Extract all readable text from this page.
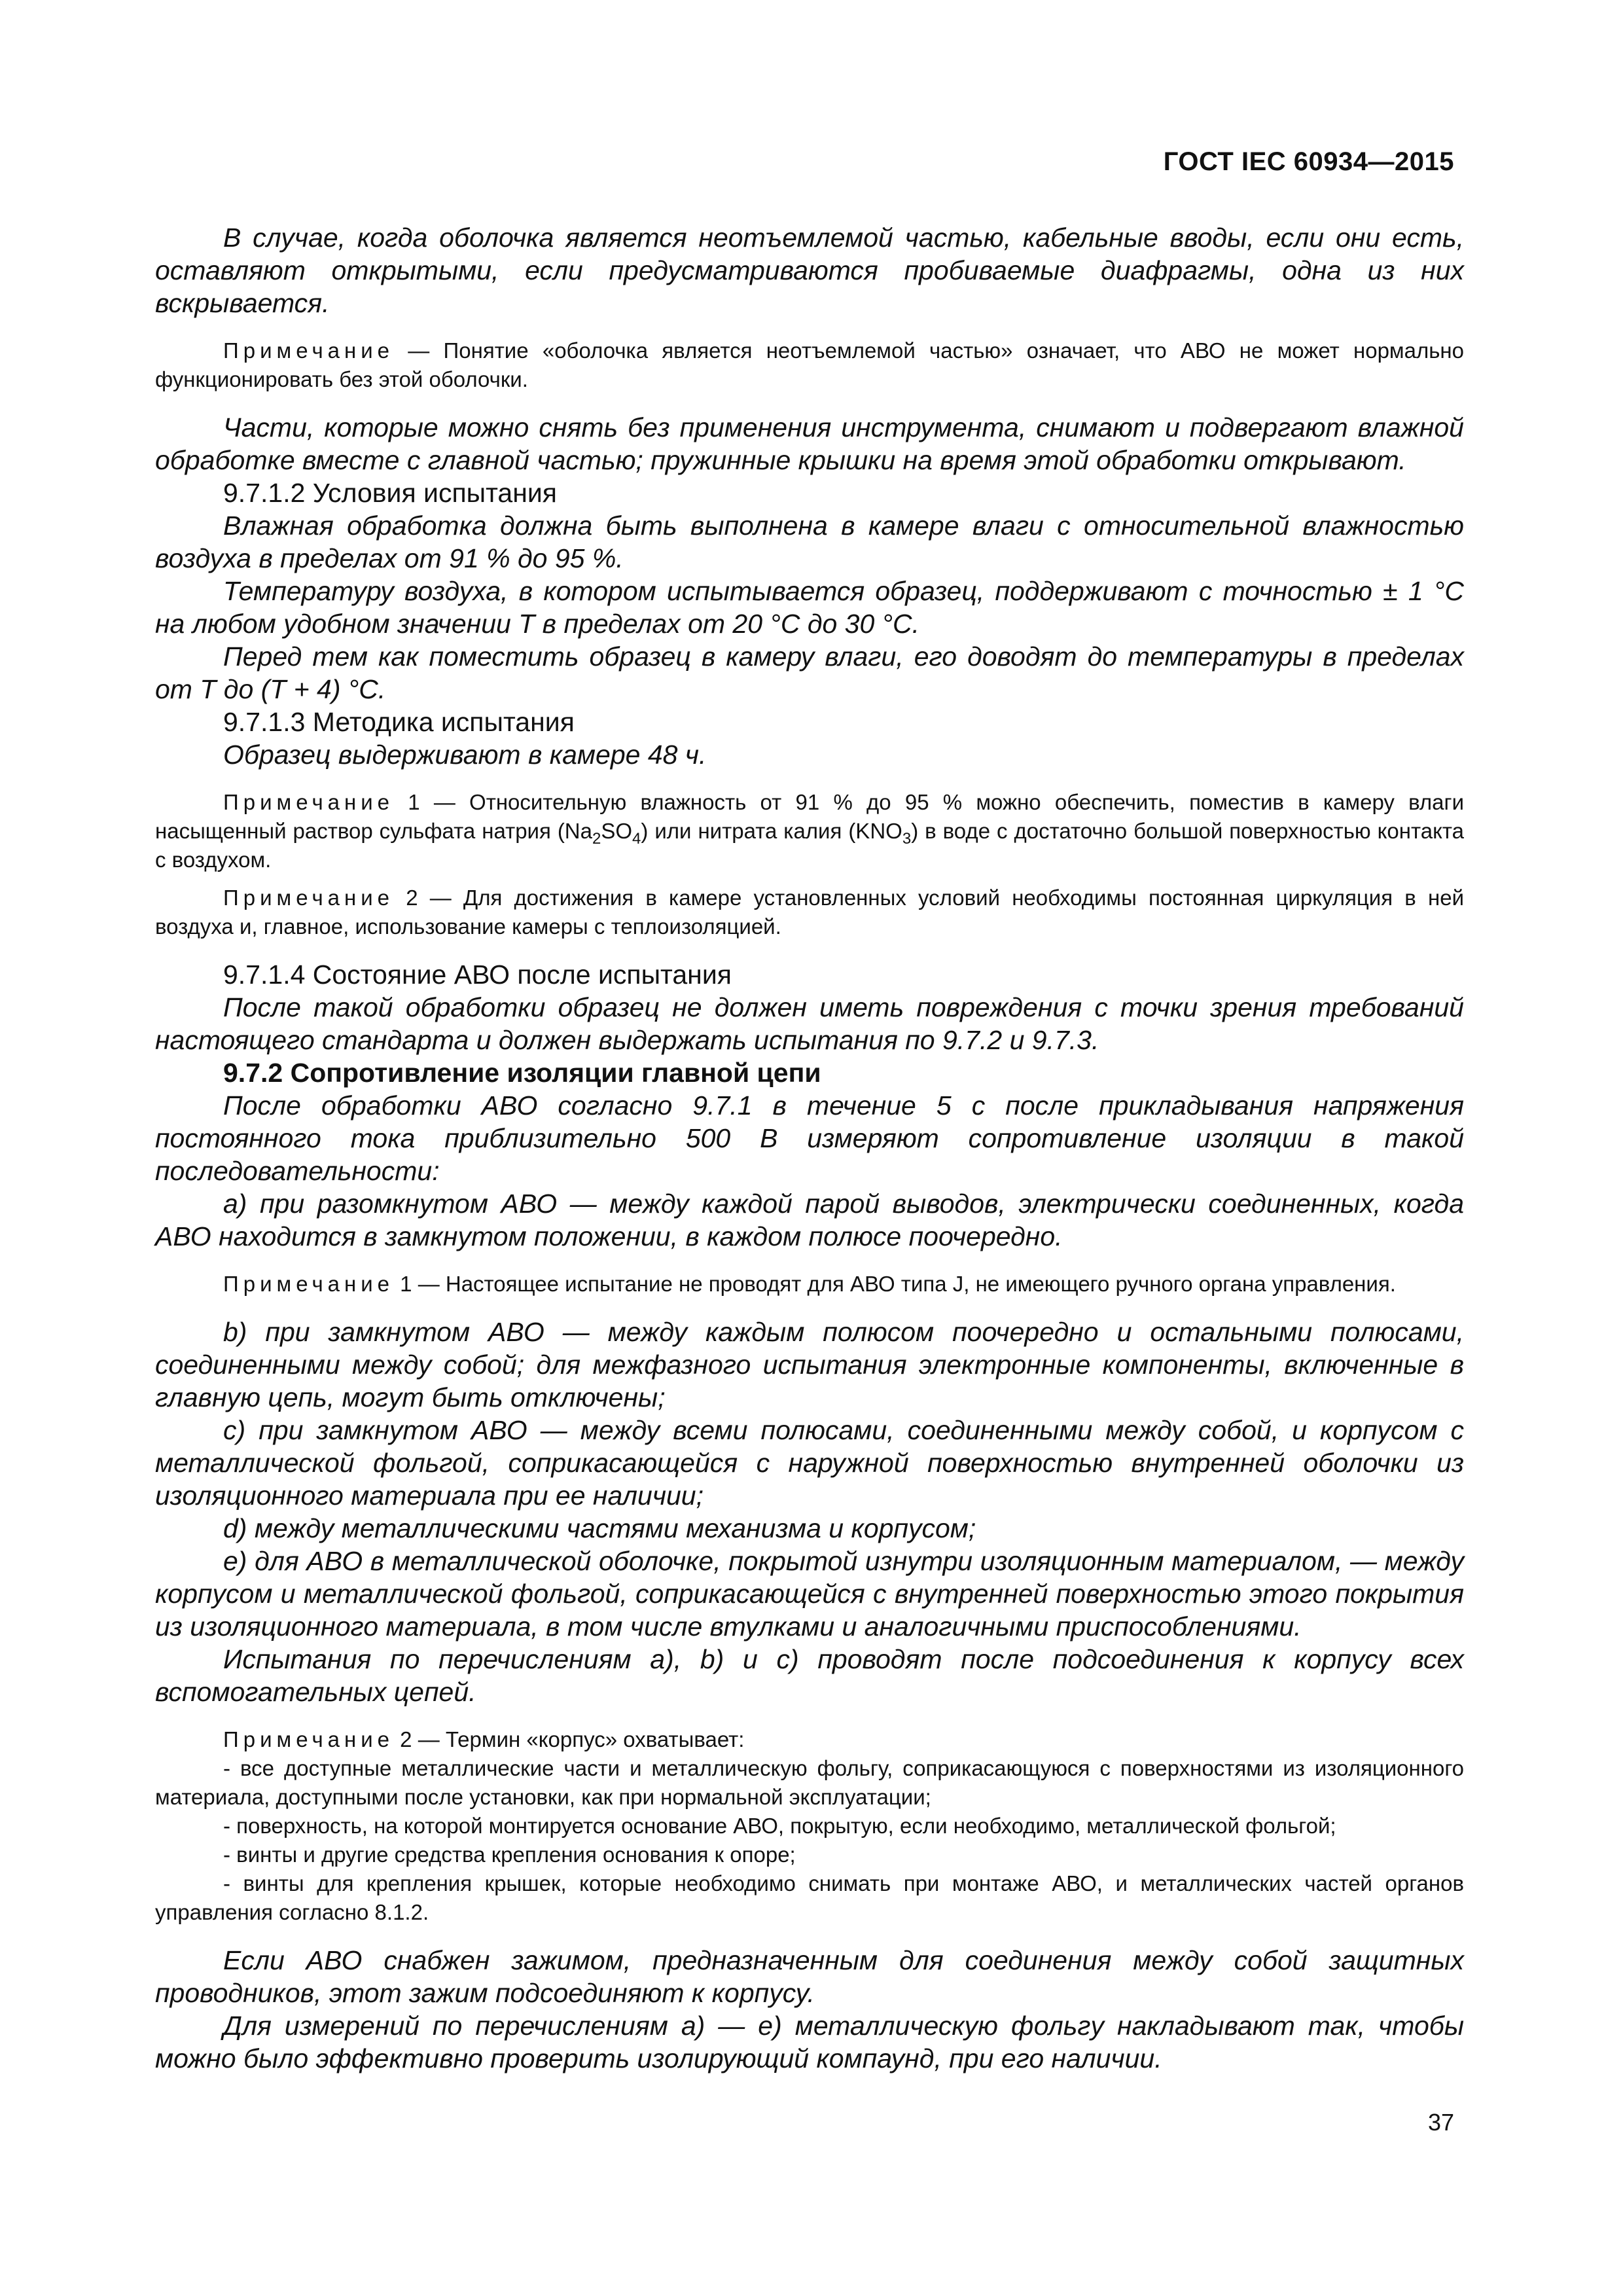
ГОСТ IEC 60934—2015

В случае, когда оболочка является неотъемлемой частью, кабельные вводы, если они есть, оставляют открытыми, если предусматриваются пробиваемые диафрагмы, одна из них вскрывается.

Примечание — Понятие «оболочка является неотъемлемой частью» означает, что АВО не может нормально функционировать без этой оболочки.

Части, которые можно снять без применения инструмента, снимают и подвергают влажной обработке вместе с главной частью; пружинные крышки на время этой обработки открывают.

9.7.1.2 Условия испытания

Влажная обработка должна быть выполнена в камере влаги с относительной влажностью воздуха в пределах от 91 % до 95 %.

Температуру воздуха, в котором испытывается образец, поддерживают с точностью ± 1 °C на любом удобном значении T в пределах от 20 °C до 30 °C.

Перед тем как поместить образец в камеру влаги, его доводят до температуры в пределах от T до (T + 4) °C.

9.7.1.3 Методика испытания

Образец выдерживают в камере 48 ч.

Примечание 1 — Относительную влажность от 91 % до 95 % можно обеспечить, поместив в камеру влаги насыщенный раствор сульфата натрия $(Na_2SO_4)$ или нитрата калия $(KNO_3)$ в воде с достаточно большой поверхностью контакта с воздухом.

Примечание 2 — Для достижения в камере установленных условий необходимы постоянная циркуляция в ней воздуха и, главное, использование камеры с теплоизоляцией.

9.7.1.4 Состояние АВО после испытания

После такой обработки образец не должен иметь повреждения с точки зрения требований настоящего стандарта и должен выдержать испытания по 9.7.2 и 9.7.3.

9.7.2 Сопротивление изоляции главной цепи

После обработки АВО согласно 9.7.1 в течение 5 с после прикладывания напряжения постоянного тока приблизительно 500 В измеряют сопротивление изоляции в такой последовательности:

a) при разомкнутом АВО — между каждой парой выводов, электрически соединенных, когда АВО находится в замкнутом положении, в каждом полюсе поочередно.

Примечание 1 — Настоящее испытание не проводят для АВО типа J, не имеющего ручного органа управления.

b) при замкнутом АВО — между каждым полюсом поочередно и остальными полюсами, соединенными между собой; для межфазного испытания электронные компоненты, включенные в главную цепь, могут быть отключены;

c) при замкнутом АВО — между всеми полюсами, соединенными между собой, и корпусом с металлической фольгой, соприкасающейся с наружной поверхностью внутренней оболочки из изоляционного материала при ее наличии;

d) между металлическими частями механизма и корпусом;

e) для АВО в металлической оболочке, покрытой изнутри изоляционным материалом, — между корпусом и металлической фольгой, соприкасающейся с внутренней поверхностью этого покрытия из изоляционного материала, в том числе втулками и аналогичными приспособлениями.

Испытания по перечислениям a), b) и c) проводят после подсоединения к корпусу всех вспомогательных цепей.

Примечание 2 — Термин «корпус» охватывает:

- все доступные металлические части и металлическую фольгу, соприкасающуюся с поверхностями из изоляционного материала, доступными после установки, как при нормальной эксплуатации;

- поверхность, на которой монтируется основание АВО, покрытую, если необходимо, металлической фольгой;

- винты и другие средства крепления основания к опоре;

- винты для крепления крышек, которые необходимо снимать при монтаже АВО, и металлических частей органов управления согласно 8.1.2.

Если АВО снабжен зажимом, предназначенным для соединения между собой защитных проводников, этот зажим подсоединяют к корпусу.

Для измерений по перечислениям a) — e) металлическую фольгу накладывают так, чтобы можно было эффективно проверить изолирующий компаунд, при его наличии.

37
